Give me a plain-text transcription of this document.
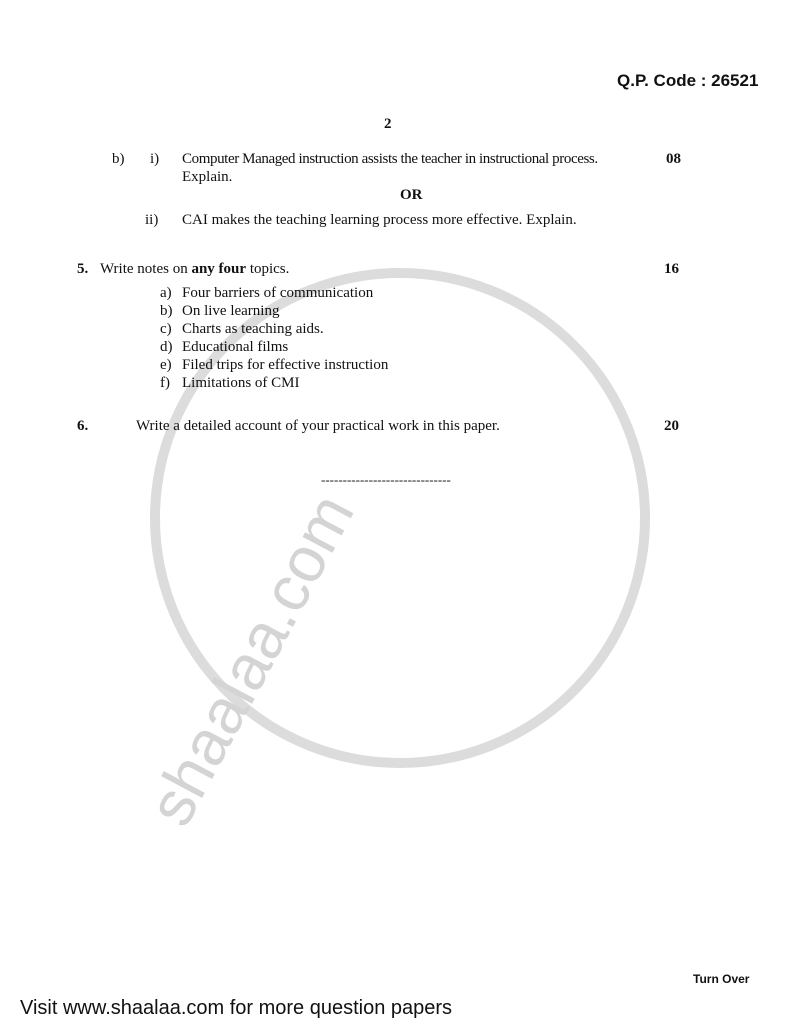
shaalaa.com
Q.P. Code : 26521
2
b) i) Computer Managed instruction assists the teacher in instructional process.
Explain.
08
OR
ii) CAI makes the teaching learning process more effective. Explain.
5. Write notes on any four topics.	16
a) Four barriers of communication
b) On live learning
c) Charts as teaching aids.
d) Educational films
e) Filed trips for effective instruction
f) Limitations of CMI
6.	Write a detailed account of your practical work in this paper.	20
------------------------------
Turn Over
Visit www.shaalaa.com for more question papers
